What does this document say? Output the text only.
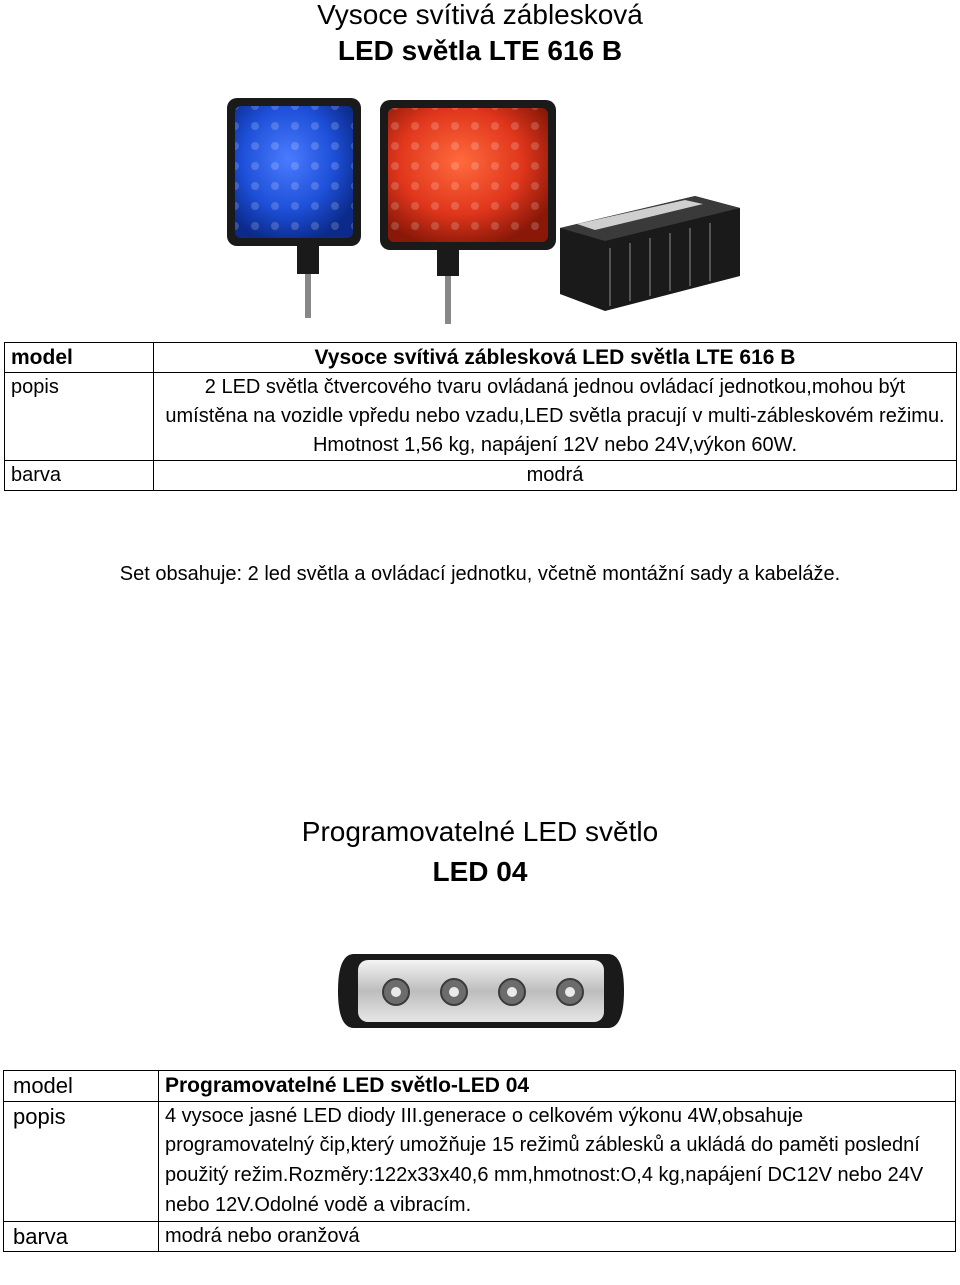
Vysoce svítivá záblesková
LED světla LTE 616 B
model	Vysoce svítivá záblesková LED světla LTE 616 B
popis	2 LED světla čtvercového tvaru ovládaná jednou ovládací jednotkou,mohou být umístěna na vozidle vpředu nebo vzadu,LED světla pracují v multi-zábleskovém režimu. Hmotnost 1,56 kg, napájení 12V nebo 24V,výkon 60W.
barva	modrá
Set obsahuje: 2 led světla a ovládací jednotku, včetně montážní sady a kabeláže.
Programovatelné LED světlo
LED 04
model	Programovatelné LED světlo-LED 04
popis	4 vysoce jasné LED diody III.generace o celkovém výkonu 4W,obsahuje programovatelný čip,který umožňuje 15 režimů záblesků a ukládá do paměti poslední použitý režim.Rozměry:122x33x40,6 mm,hmotnost:O,4 kg,napájení DC12V nebo 24V nebo 12V.Odolné vodě a vibracím.
barva	modrá nebo oranžová
